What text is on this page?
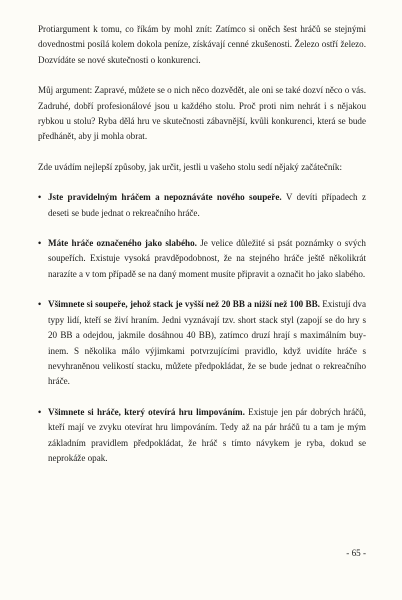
Protiargument k tomu, co říkám by mohl znít: Zatímco si oněch šest hráčů se stejnými dovednostmi posílá kolem dokola peníze, získávají cenné zkušenosti. Železo ostří železo. Dozvídáte se nové skutečnosti o konkurenci.

Můj argument: Zapravé, můžete se o nich něco dozvědět, ale oni se také dozví něco o vás. Zadruhé, dobří profesionálové jsou u každého stolu. Proč proti nim nehrát i s nějakou rybkou u stolu? Ryba dělá hru ve skutečnosti zábavnější, kvůli konkurenci, která se bude předhánět, aby ji mohla obrat.

Zde uvádím nejlepší způsoby, jak určit, jestli u vašeho stolu sedí nějaký začátečník:

• Jste pravidelným hráčem a nepoznáváte nového soupeře. V devíti případech z deseti se bude jednat o rekreačního hráče.
• Máte hráče označeného jako slabého. Je velice důležité si psát poznámky o svých soupeřích. Existuje vysoká pravděpodobnost, že na stejného hráče ještě několikrát narazíte a v tom případě se na daný moment musíte připravit a označit ho jako slabého.
• Všimnete si soupeře, jehož stack je vyšší než 20 BB a nižší než 100 BB. Existují dva typy lidí, kteří se živí hraním. Jedni vyznávají tzv. short stack styl (zapojí se do hry s 20 BB a odejdou, jakmile dosáhnou 40 BB), zatímco druzí hrají s maximálním buy-inem. S několika málo výjimkami potvrzujícími pravidlo, když uvidíte hráče s nevyhraněnou velikostí stacku, můžete předpokládat, že se bude jednat o rekreačního hráče.
• Všimnete si hráče, který otevírá hru limpováním. Existuje jen pár dobrých hráčů, kteří mají ve zvyku otevírat hru limpováním. Tedy až na pár hráčů tu a tam je mým základním pravidlem předpokládat, že hráč s tímto návykem je ryba, dokud se neprokáže opak.
- 65 -
